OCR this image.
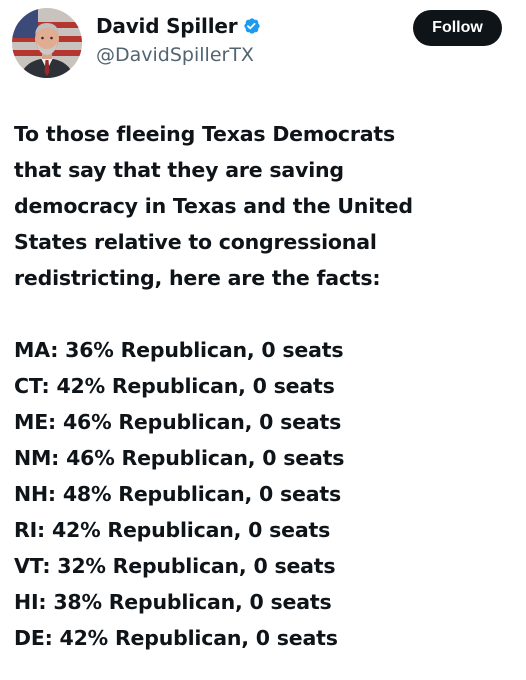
David Spiller
@DavidSpillerTX
Follow
To those fleeing Texas Democrats
that say that they are saving
democracy in Texas and the United
States relative to congressional
redistricting, here are the facts:
MA: 36% Republican, 0 seats
CT: 42% Republican, 0 seats
ME: 46% Republican, 0 seats
NM: 46% Republican, 0 seats
NH: 48% Republican, 0 seats
RI: 42% Republican, 0 seats
VT: 32% Republican, 0 seats
HI: 38% Republican, 0 seats
DE: 42% Republican, 0 seats
